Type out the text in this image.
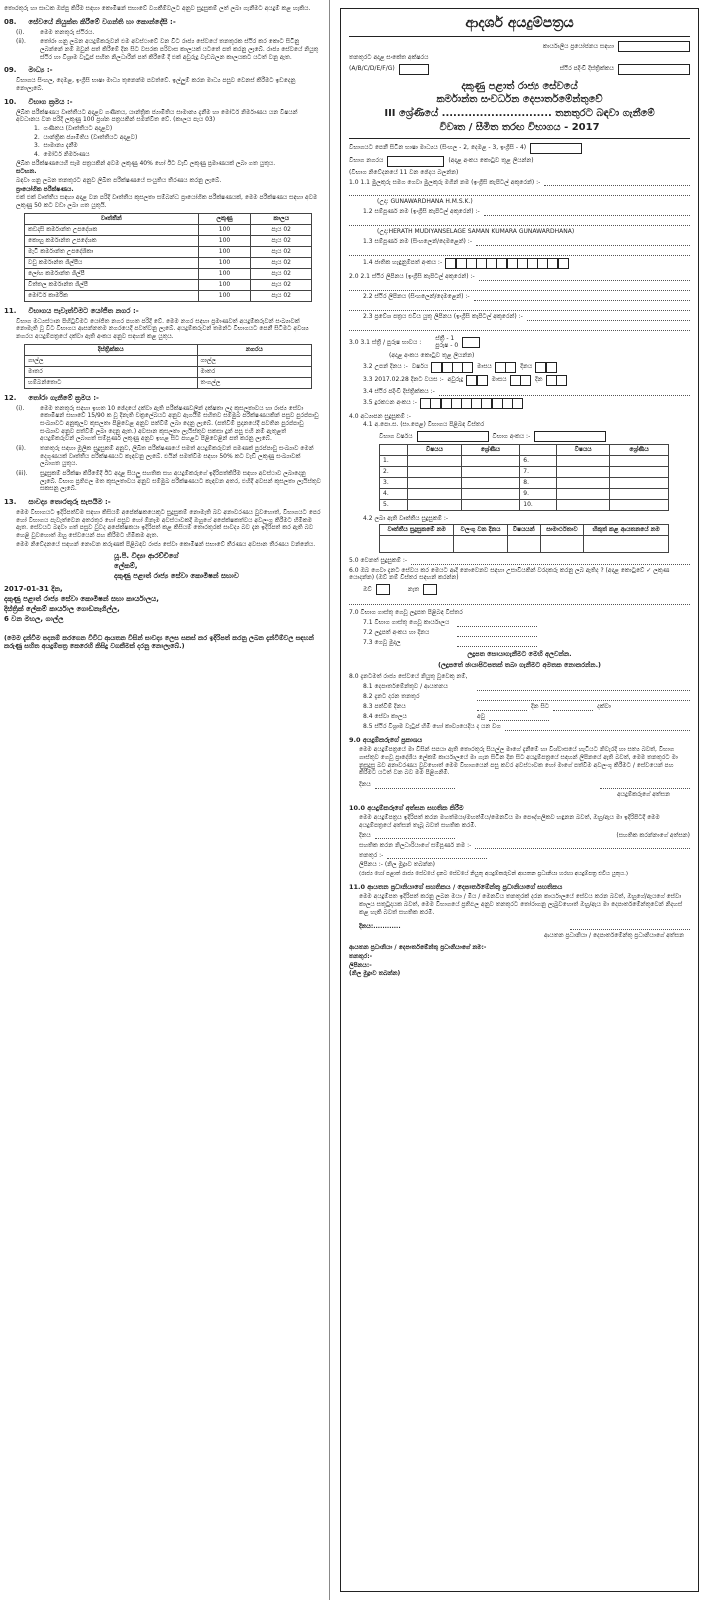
තොරතුරු හා සාධක ඔප්පු කිරීම සඳහා කොමිෂන් සභාවේ වගකීම්වලට අනුව සුදුසුකම් ලත් ලබා ගැනීමට අයදුම් කළ හැකිය.

08. සේවයේ නියුක්ත කිරීමේ වගන්ති හා කොන්දේසි :-
(i).	මෙම තනතුරු ස්ථිරය.
(ii).	තෝරා ගනු ලබන අයදුම්කරුවන් එම අවස්ථාවේ වන විට රාජ්‍ය සේවයේ තනතුරක ස්ථිර කර කොට සිටිනු ලබන්නේ නම් ඔවුන් පත් කිරීමේ දින සිට වසරක පරිවාස කාලයක් යටතේ පත් කරනු ලැබේ. රාජ්‍ය සේවයේ නියුතු ස්ථිර හා විශ්‍රාම වැටුප් සහිත නිලධාරීන් පත් කිරීමේ දී එක් අවුරුදු වැඩබලන කාලයකට යටත් වනු ඇත.
09. මාධ්‍ය :-

විභාගය සිංහල, දෙමළ, ඉංග්‍රීසි භාෂා මාධ්‍ය තුනෙන්ම පවත්වේ. ඉල්ලුම් කරන මාධ්‍ය පසුව වෙනස් කිරීමට ඉඩදෙනු නොලැබේ.

10. විභාග ක්‍රමය :-

ලිඛිත පරීක්ෂණය වෘත්තීයට අදාළව ගණිතය, යාන්ත්‍රික ජ්‍යාමිතිය සාමාන්‍ය දැනීම හා මෝටර් නිර්මාණය යන විෂයන් අවධානය වන පරිදි ලකුණු 100 ප්‍රශ්න පත්‍රයකින් සමන්විත වේ. (කාලය පැය 03)

1.  ගණිතය (වෘත්තීයට අදාළව)

2.  යාන්ත්‍රික ජ්‍යාමිතිය (වෘත්තීයට අදාළව)

3.  සාමාන්‍ය දැනීම

4.  මෝටර් නිර්මාණය

ලිඛිත පරීක්ෂණයෙහි සෑම පත්‍රයකින් අවම ලකුණු 40% හෝ ඊට වැඩි ලකුණු ප්‍රමාණයක් ලබා ගත යුතුය.

සටහන.

බඳවා ගනු ලබන තනතුරට අනුව ලිඛිත පරීක්ෂණයේ සංයුතිය තීරණය කරනු ලැබේ.

ප්‍රායෝගික පරීක්ෂණය.

එක් එක් වෘත්තීය සඳහා අදාළ වන පරිදි වෘත්තීය කුසලතා සම්බන්ධ ප්‍රායෝගික පරීක්ෂණයක්, මෙම පරීක්ෂණය සඳහා අවම ලකුණු 50 කට වඩා ලබා ගත යුතුයි.

වෘත්තීන්	ලකුණු	කාලය
කඩදාසි කර්මාන්ත උපදේශක	100	පැය 02
කොහු කර්මාන්ත උපදේශක	100	පැය 02
මැටි කර්මාන්ත උපදේශිකා	100	පැය 02
වඩු කර්මාන්ත ශිල්පීය	100	පැය 02
ලෝහ කර්මාන්ත ශිල්පී	100	පැය 02
විත්තල කර්මාන්ත ශිල්පී	100	පැය 02
මෝටර් කාර්මික	100	පැය 02
11. විභාගය පැවැත්වීමට යෝජිත නගර :-

විභාග මධ්‍යස්ථාන පිහිටුවීමට යෝජිත නගර පහත පරිදි වේ. මෙම නගර සඳහා ප්‍රමාණවත් අයදුම්කරුවන් සංඛ්‍යාවක් නොමැති වූ විට විභාගය ආසන්නතම නගරයෙදී පවත්වනු ලැබේ. අයදුම්කරුවන් තමන්ට විභාගයට පෙනී සිටීමට අවශ්‍ය නගරය අයදුම්පත්‍රයේ දක්වා ඇති අංකය අනුව සඳහන් කළ යුතුය.

දිස්ත්‍රික්කය	නගරය
ගාල්ල	ගාල්ල
මාතර	මාතර
හම්බන්තොට	තංගල්ල
12. තෝරා ගැනීමේ ක්‍රමය :-
(i).	මෙම තනතුරු සඳහා ඉහත 10 ඡේදයේ දක්වා ඇති පරීක්ෂණවලින් දක්ෂතා ලද කුසලතාවය හා රාජ්‍ය සේවා කොමිෂන් සභාවේ 15/90 ක වූ දිනැති චක්‍රලේඛයට අනුව ඇගයීම් සහිතව සම්මුඛ පරීක්ෂණයකින් පසුව පුරප්පාඩු සංඛ්‍යාවට අනුකූලව කුසලතා පිළිවෙළ අනුව පත්වීම් ලබා දෙනු ලැබේ. (පත්වීම් ප්‍රදානයේදී පවතින පුරප්පාඩු සංඛ්‍යාව අනුව පත්වීම් ලබා දෙනු ඇත.) අවසාන කුසලතා ලැයිස්තුව සකසා දුන් පසු එහි නම් ඇතුළත් අයදුම්කරුවන් ලබාගත් සම්පූර්ණ ලකුණු අනුව ඉහළ සිට පහළට පිළිවෙළින් පත් කරනු ලැබේ.
(ii).	තනතුරු සඳහා මූලික සුදුසුකම් අනුව, ලිඛිත පරීක්ෂණයේ සමත් අයදුම්කරුවන් පමණක් පුරප්පාඩු සංඛ්‍යාව මෙන් දෙගුණයක් වෘත්තීය පරීක්ෂණයට කැඳවනු ලැබේ. එයින් සමත්වීම සඳහා 50% කට වැඩි ලකුණු සංඛ්‍යාවක් ලබාගත යුතුය.
(iii).	සුදුසුකම් පරීක්ෂා කිරීමේදී ඊට අදාළ සියලු සහතික සහ අයදුම්කරුගේ ඉදිරිපත්කිරීම සඳහා අවස්ථාව ලබාදෙනු ලැබේ. විභාග ප්‍රතිඵල මත කුසලතාවය අනුව සම්මුඛ පරීක්ෂණයට කැඳවන අතර, එහිදී අවසන් කුසලතා ලැයිස්තුව සකසනු ලැබේ.
13. සාවද්‍ය තොරතුරු සැපයීම :-

මෙම විභාගයට ඉදිරිපත්වීම සඳහා කිසියම් අපේක්ෂකයෙකුට සුදුසුකම් නොමැති බව අනාවරණය වුවහොත්, විභාගයට පෙර හෝ විභාගය පැවැත්වෙන අතරතුර හෝ පසුව හෝ ඕනෑම අවස්ථාවකදී ඔහුගේ අපේක්ෂකත්වය අවලංගු කිරීමට හිමිකම ඇත. සේවයට බඳවා ගත් පසුව වුවද අපේක්ෂකයා ඉදිරිපත් කළ කිසියම් තොරතුරක් සාවද්‍ය බව දැන ඉදිරිපත් කර ඇති බව හෙළි වුවහොත් ඔහු සේවයෙන් පහ කිරීමට හිමිකම ඇත.

මෙම නිවේදනයේ සඳහන් නොවන කරුණක් පිළිබඳව රාජ්‍ය සේවා කොමිෂන් සභාවේ තීරණය අවසාන තීරණය වන්නේය.

යූ.පී. විද්‍යා ආරච්චිගේ

ලේකම්,

දකුණු පළාත් රාජ්‍ය සේවා කොමිෂන් සභාව

2017-01-31 දින,

දකුණු පළාත් රාජ්‍ය සේවා කොමිෂන් සභා කාර්යාලය,

දිස්ත්‍රික් ලේකම් කාර්යාල ගොඩනැගිල්ල,

6 වන මහල, ගාල්ල

(මෙම දැන්වීම පදනම් කරගෙන විවිධ ආයතන විසින් සාවද්‍ය ලෙස සකස් කර ඉදිරිපත් කරනු ලබන දැන්වීම්වල සඳහන් කරුණු සහිත අයදුම්පත්‍ර කෙරෙහි කිසිදු වගකීමක් දරනු නොලැබේ.)

ආදර්ශ අයදුම්පත්‍රය
කාර්යාලීය ප්‍රයෝජනය සඳහා
තනතුරට අදාළ සංකේත අක්ෂරය
(A/B/C/D/E/F/G)	ස්ථිර පදිංචි දිස්ත්‍රික්කය
දකුණු පළාත් රාජ්‍ය සේවයේ
කර්මාන්ත සංවර්ධන දෙපාර්තමේන්තුවේ
III ශ්‍රේණියේ ............................. තනතුරට බඳවා ගැනීමේ
විවෘත / සීමිත තරඟ විභාගය - 2017
විභාගයට පෙනී සිටින භාෂා මාධ්‍යය (සිංහල - 2, දෙමළ - 3, ඉංග්‍රීසි - 4)
විභාග නගරය	(අදාළ අංකය කොටුව තුළ ලියන්න)

(විභාග නිවේදනයේ 11 වන ඡේදය බලන්න)

1.0 1.1 මුලකුරු සමග ගෙවා මුලකුරු මගින් නම (ඉංග්‍රීසි කැපිටල් අකුරෙන්) :-

(උදා: GUNAWARDHANA H.M.S.K.)

1.2 සම්පූර්ණ නම (ඉංග්‍රීසි කැපිටල් අකුරෙන්) :-

(උදා:HERATH MUDIYANSELAGE SAMAN KUMARA GUNAWARDHANA)

1.3 සම්පූර්ණ නම (සිංහලෙන්/දෙමළෙන්) :-
1.4 ජාතික හැඳුනුම්පත් අංකය :-
2.0 2.1 ස්ථිර ලිපිනය (ඉංග්‍රීසි කැපිටල් අකුරෙන්) :-
2.2 ස්ථිර ලිපිනය (සිංහලෙන්/දෙමළෙන්) :-
2.3 ප්‍රවේශ පත්‍රය එවිය යුතු ලිපිනය (ඉංග්‍රීසි කැපිටල් අකුරෙන්) :-
3.0 3.1 ස්ත්‍රී / පුරුෂ භාවය :
ස්ත්‍රී - 1
පුරුෂ - 0

(අදාළ අංකය කොටුව තුළ ලියන්න)

3.2 උපන් දිනය :- වර්ෂය	මාසය	දිනය
3.3 2017.02.28 දිනට වයස :- අවුරුදු	මාසය	දින
3.4 ස්ථිර පදිංචි දිස්ත්‍රික්කය :-
3.5 දුරකථන අංකය :-

4.0 අධ්‍යාපන සුදුසුකම් :-

4.1 අ.පො.ස. (සා.පෙළ) විභාගය පිළිබඳ විස්තර

විභාග වර්ෂය	විභාග අංකය :-
	විෂයය	ශ්‍රේණිය		විෂයය	ශ්‍රේණිය
1.			6.		
2.			7.		
3.			8.		
4.			9.		
5.			10.		

4.2 ලබා ඇති වෘත්තීය සුදුසුකම් :-

වෘත්තීය සුදුසුකමේ නම	වලංගු වන දිනය	විෂයයන්	සාමාර්ථතාව	හිකුත් කළ ආයතනයේ නම

5.0 වෙනත් සුදුසුකම් :-

6.0 ඔබ ගෙවා දැනට සේවය කර මෙයට ආදි නොවෙනව සඳහා උසාවියකින් වරදකරු කරනු ලබ ඇතිද ? (අදාළ කොටුවේ ✓ ලකුණ යොදන්න) (ඔව් නම් විස්තර සඳහන් කරන්න)

ඔව්	නැත

7.0 විභාග ගාස්තු ගෙවූ ලදුපත පිළිබඳ විස්තර

7.1 විභාග ගාස්තු ගෙවූ කාර්යාලය
7.2 ලදුපත් අංකය හා දිනය
7.3 ගෙවූ මුදල

ලදුපත සොයාගැනීමට මෙහි අලවන්න.

(ලදුපතේ ඡායාපිටපතක් තබා ගැනීමට අමතක නොකරන්න.)

8.0 දැනටමත් රාජ්‍ය සේවයේ නියුතු වූවෙකු නම්,

8.1 දෙපාර්තමේන්තුව / ආයතනය
8.2 දැනට දරන තනතුර
8.3 පත්වීම් දිනය	දින සිට	දක්වා
8.4 සේවා කාලය	අවු
8.5 ස්ථිර විශ්‍රාම වැටුප් හිමි හෝ කාව්‍යයෙදිය ද යන වග

9.0 අයදුම්කරුගේ ප්‍රකාශය

මෙම අයදුම්පත්‍රයේ මා විසින් සපයා ඇති තොරතුරු සියල්ල මාගේ දැනීමේ හා විශ්වාසයේ හැටියට නිවැරදි හා සත්‍ය බවත්, විභාග ගාස්තුව ගෙවූ ප්‍රාදේශීය ලේකම් කාර්යාලයේ මා ගැන සිටින දින සිට අයදුම්පත්‍රයේ සඳහන් ලිපිනයේ ඇති බවත්, මෙම තනතුරට මා නුසුදුසු බව අනාවරණය වුවහොත් මෙම විභාගයෙන් පසු කවර අවස්ථාවක හෝ මාගේ පත්වීම අවලංගු කිරීමට / සේවයෙන් පහ කිරීමට යටත් වන බව මම පිළිගනිමි.

දිනය

අයදුම්කරුගේ අත්සන

10.0 අයදුම්කරුගේ අත්සන සහතික කිරීම

මෙම අයදුම්පත්‍රය ඉදිරිපත් කරන මහත්මයා/මහත්මිය/මෙනවිය මා පෞද්ගලිකව හඳුනන බවත්, ඔහු/ඇය මා ඉදිරිපිටදී මෙම අයදුම්පත්‍රයේ අත්සන් තැබූ බවත් සහතික කරමි.

දිනය	(සහතික කරන්නාගේ අත්සන)
සහතික කරන නිලධාරියාගේ සම්පූර්ණ නම :-
තනතුර :-
ලිපිනය :- (නිල මුද්‍රාව තබන්න)

(රාජ්‍ය හෝ පළාත් රාජ්‍ය සේවයේ දැනට සේවයේ නියුතු අයදුම්කරුවන් ආයතන ප්‍රධානියා හරහා අයදුම්පත්‍ර එවිය යුතුය.)

11.0 ආයතන ප්‍රධානියාගේ සහතිකය / දෙපාර්තමේන්තු ප්‍රධානියාගේ සහතිකය

මෙම අයදුම්පත ඉදිරිපත් කරනු ලබන මයා / මිය / මෙනවිය තනතුරක් දරන කාර්යාලයේ සේවය කරන බවත්, ඔහුගේ/ඇයගේ සේවා කාලය සතුටුදායක බවත්, මෙම විභාගයේ ප්‍රතිඵල අනුව තනතුරට තෝරාගනු ලැබුවහොත් ඔහු/ඇය මා දෙපාර්තමේන්තුවෙන් නිදහස් කළ හැකි බවත් සහතික කරමි.

දිනය:............

ආයතන ප්‍රධානියා / දෙපාර්තමේන්තු ප්‍රධානියාගේ අත්සන

ආයතන ප්‍රධානියා / දෙපාර්තමේන්තු ප්‍රධානියාගේ නම:-

තනතුර:-

ලිපිනය:-

(නිල මුද්‍රාව තබන්න)
